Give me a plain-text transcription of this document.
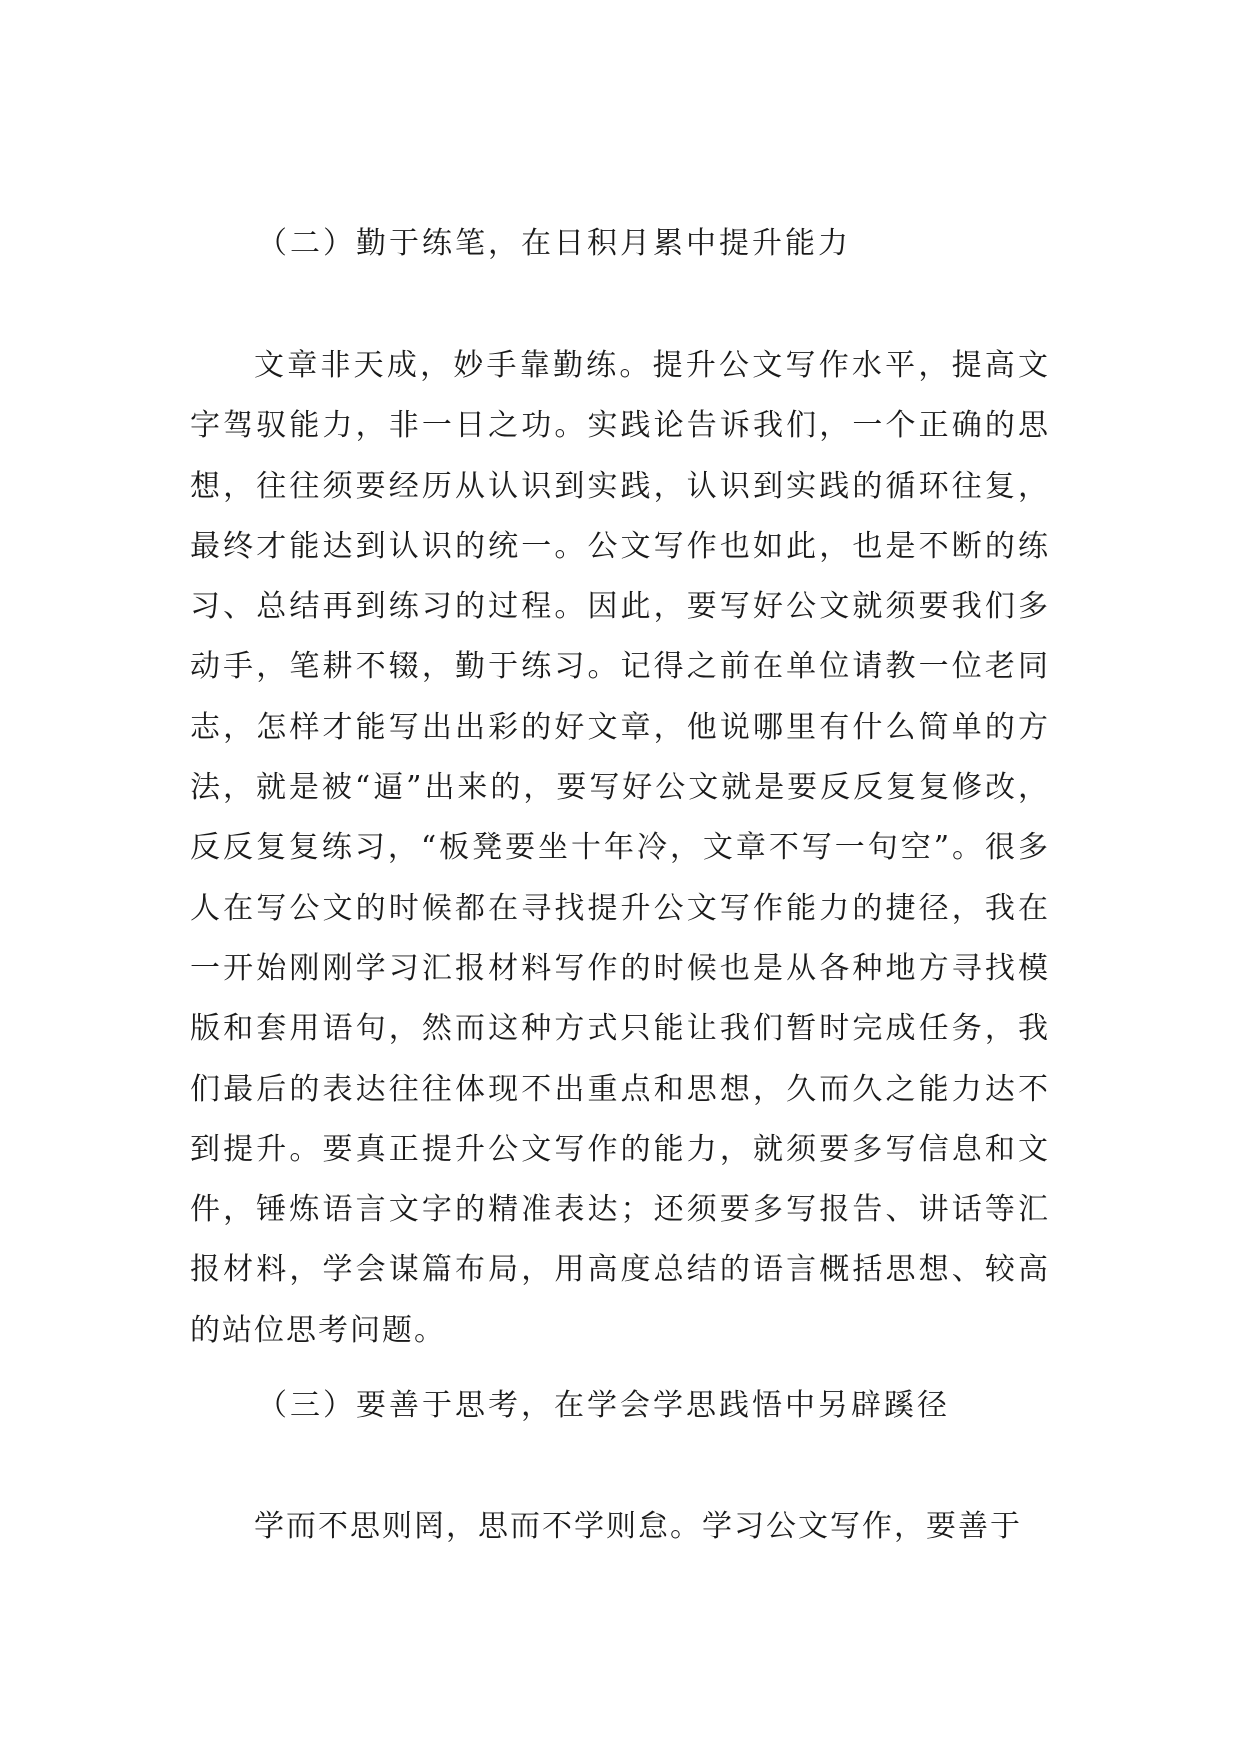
（二）勤于练笔，在日积月累中提升能力
文章非天成，妙手靠勤练。提升公文写作水平，提高文字驾驭能力，非一日之功。实践论告诉我们，一个正确的思想，往往须要经历从认识到实践，认识到实践的循环往复，最终才能达到认识的统一。公文写作也如此，也是不断的练习、总结再到练习的过程。因此，要写好公文就须要我们多动手，笔耕不辍，勤于练习。记得之前在单位请教一位老同志，怎样才能写出出彩的好文章，他说哪里有什么简单的方法，就是被“逼”出来的，要写好公文就是要反反复复修改，反反复复练习，“板凳要坐十年冷，文章不写一句空”。很多人在写公文的时候都在寻找提升公文写作能力的捷径，我在一开始刚刚学习汇报材料写作的时候也是从各种地方寻找模版和套用语句，然而这种方式只能让我们暂时完成任务，我们最后的表达往往体现不出重点和思想，久而久之能力达不到提升。要真正提升公文写作的能力，就须要多写信息和文件，锤炼语言文字的精准表达；还须要多写报告、讲话等汇报材料，学会谋篇布局，用高度总结的语言概括思想、较高的站位思考问题。
（三）要善于思考，在学会学思践悟中另辟蹊径
学而不思则罔，思而不学则怠。学习公文写作，要善于
